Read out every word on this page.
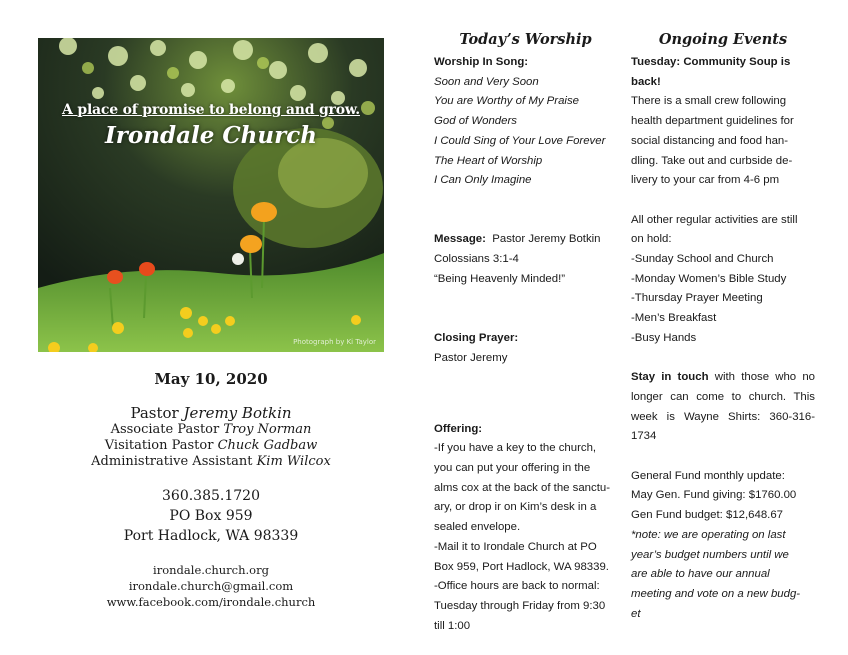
A place of promise to belong and grow.
Irondale Church
Photograph by Ki Taylor
May 10, 2020
Pastor Jeremy Botkin
Associate Pastor Troy Norman
Visitation Pastor Chuck Gadbaw
Administrative Assistant Kim Wilcox
360.385.1720
PO Box 959
Port Hadlock, WA 98339
irondale.church.org
irondale.church@gmail.com
www.facebook.com/irondale.church
Today’s Worship
Worship In Song:
Soon and Very Soon
You are Worthy of My Praise
God of Wonders
I Could Sing of Your Love Forever
The Heart of Worship
I Can Only Imagine
Message: Pastor Jeremy Botkin
Colossians 3:1-4
“Being Heavenly Minded!”
Closing Prayer:
Pastor Jeremy
Offering:
-If you have a key to the church,
you can put your offering in the
alms cox at the back of the sanctu-
ary, or drop ir on Kim’s desk in a
sealed envelope.
-Mail it to Irondale Church at PO
Box 959, Port Hadlock, WA 98339.
-Office hours are back to normal:
Tuesday through Friday from 9:30
till 1:00
Ongoing Events
Tuesday: Community Soup is
back!
There is a small crew following
health department guidelines for
social distancing and food han-
dling. Take out and curbside de-
livery to your car from 4-6 pm
All other regular activities are still
on hold:
-Sunday School and Church
-Monday Women’s Bible Study
-Thursday Prayer Meeting
-Men’s Breakfast
-Busy Hands
Stay in touch with those who no longer can come to church. This week is Wayne Shirts: 360-316-1734
General Fund monthly update:
May Gen. Fund giving: $1760.00
Gen Fund budget: $12,648.67
*note: we are operating on last
year’s budget numbers until we
are able to have our annual
meeting and vote on a new budg-
et
